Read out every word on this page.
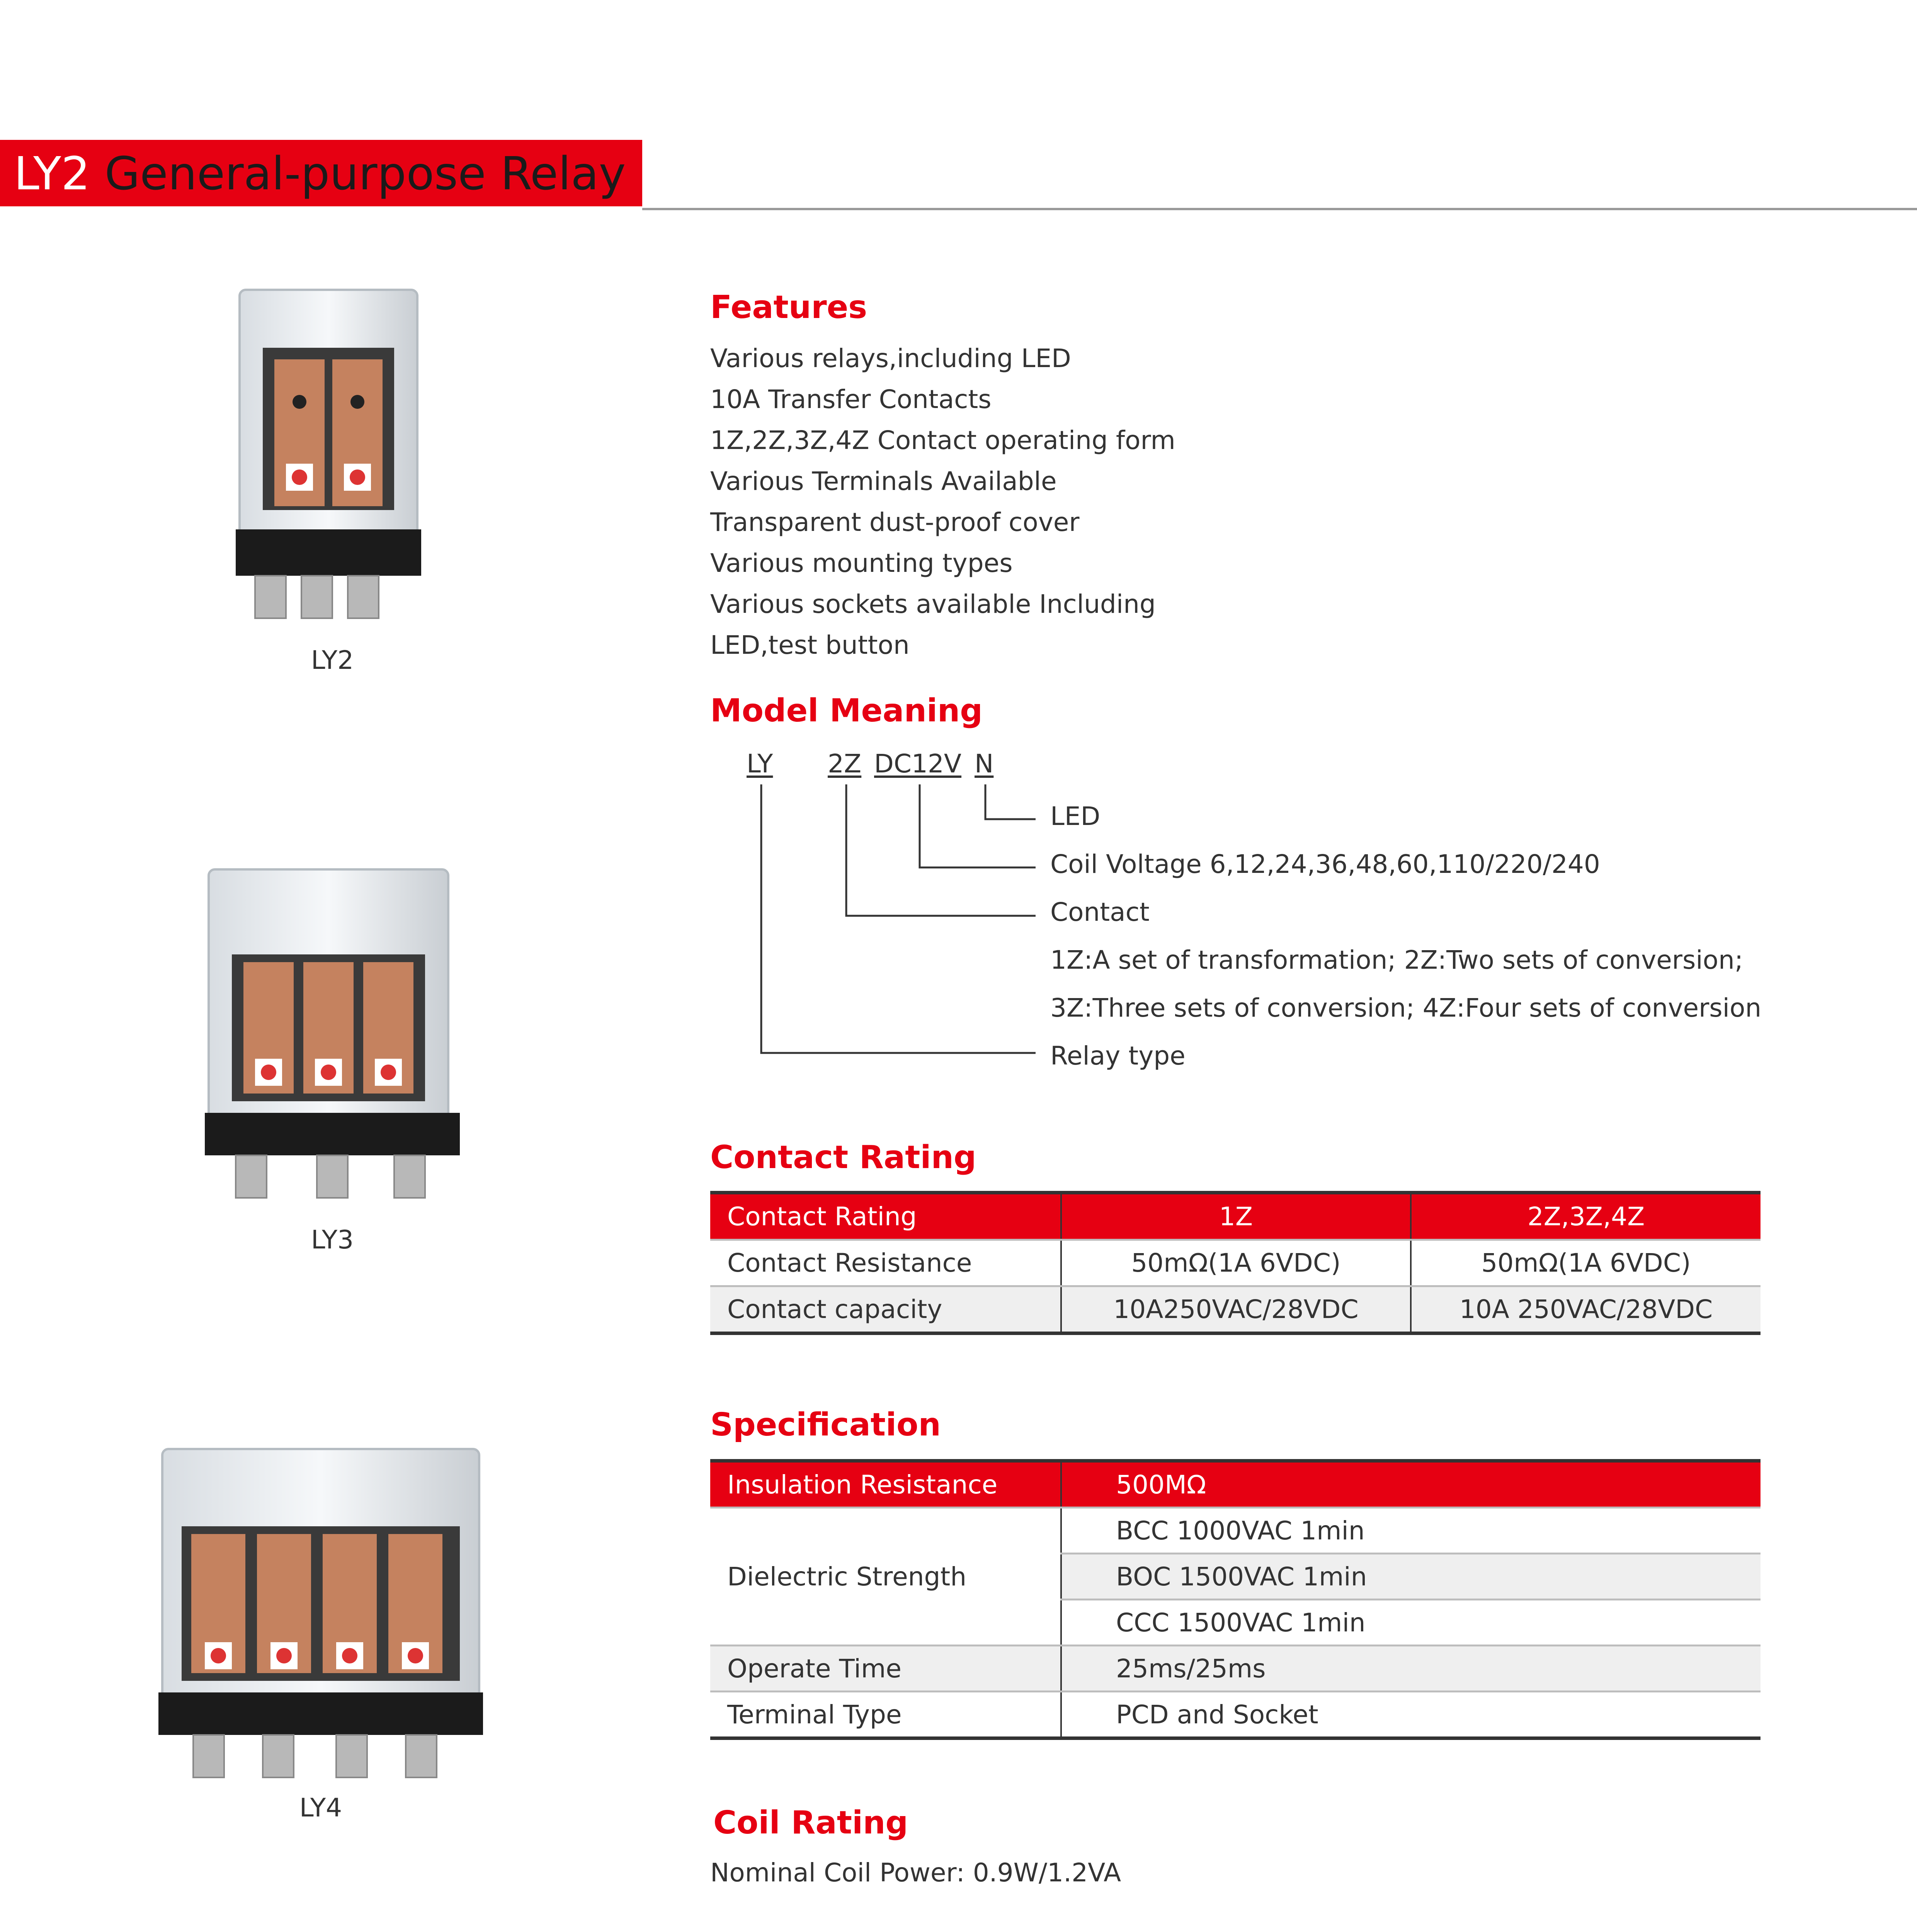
LY2 General-purpose Relay
LY2
LY3
LY4
Features
Various relays,including LED
10A Transfer Contacts
1Z,2Z,3Z,4Z Contact operating form
Various Terminals Available
Transparent dust-proof cover
Various mounting types
Various sockets available Including
LED,test button
Model Meaning
LY 2Z DC12V N
LED
Coil Voltage 6,12,24,36,48,60,110/220/240
Contact
1Z:A set of transformation; 2Z:Two sets of conversion;
3Z:Three sets of conversion; 4Z:Four sets of conversion
Relay type
Contact Rating
Contact Rating	1Z	2Z,3Z,4Z
Contact Resistance	50mΩ(1A 6VDC)	50mΩ(1A 6VDC)
Contact capacity	10A250VAC/28VDC	10A 250VAC/28VDC
Specification
Insulation Resistance	500MΩ
Dielectric Strength	BCC 1000VAC 1min
	BOC 1500VAC 1min
	CCC 1500VAC 1min
Operate Time	25ms/25ms
Terminal Type	PCD and Socket
Coil Rating
Nominal Coil Power: 0.9W/1.2VA
